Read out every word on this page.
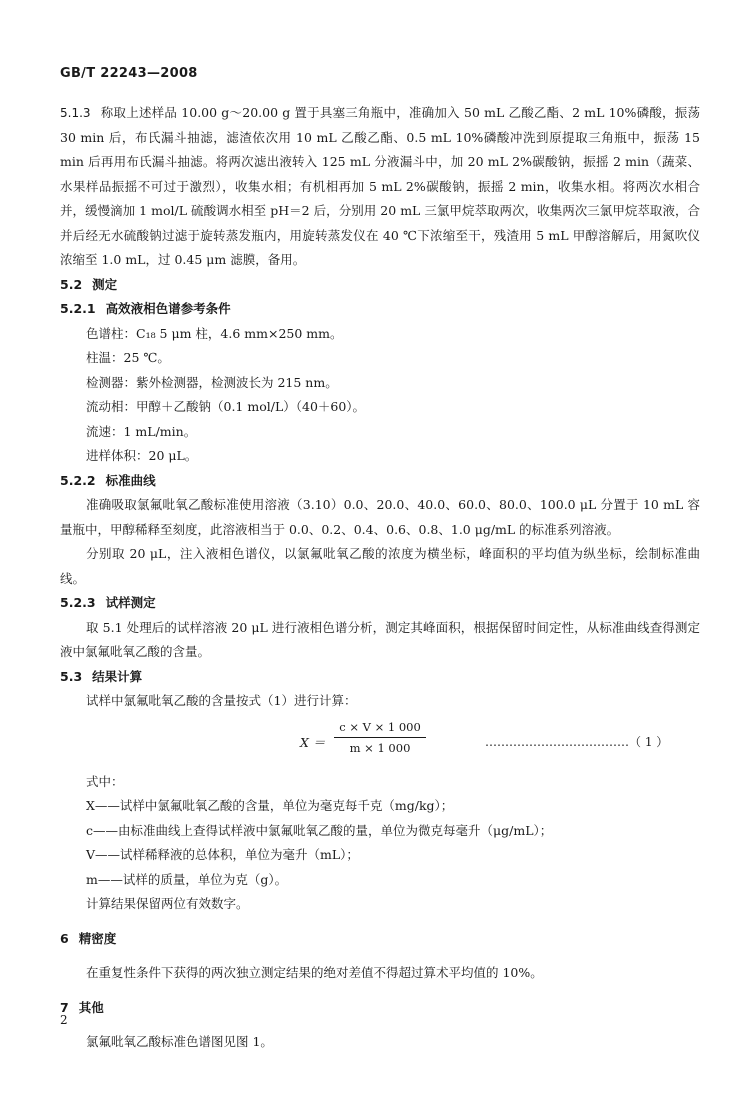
GB/T 22243—2008

5.1.3 称取上述样品 10.00 g～20.00 g 置于具塞三角瓶中，准确加入 50 mL 乙酸乙酯、2 mL 10%磷酸，振荡 30 min 后，布氏漏斗抽滤，滤渣依次用 10 mL 乙酸乙酯、0.5 mL 10%磷酸冲洗到原提取三角瓶中，振荡 15 min 后再用布氏漏斗抽滤。将两次滤出液转入 125 mL 分液漏斗中，加 20 mL 2%碳酸钠，振摇 2 min（蔬菜、水果样品振摇不可过于激烈），收集水相；有机相再加 5 mL 2%碳酸钠，振摇 2 min，收集水相。将两次水相合并，缓慢滴加 1 mol/L 硫酸调水相至 pH＝2 后，分别用 20 mL 三氯甲烷萃取两次，收集两次三氯甲烷萃取液，合并后经无水硫酸钠过滤于旋转蒸发瓶内，用旋转蒸发仪在 40 ℃下浓缩至干，残渣用 5 mL 甲醇溶解后，用氮吹仪浓缩至 1.0 mL，过 0.45 μm 滤膜，备用。

5.2 测定

5.2.1 高效液相色谱参考条件

色谱柱：C₁₈ 5 μm 柱，4.6 mm×250 mm。

柱温：25 ℃。

检测器：紫外检测器，检测波长为 215 nm。

流动相：甲醇＋乙酸钠（0.1 mol/L）（40＋60）。

流速：1 mL/min。

进样体积：20 μL。

5.2.2 标准曲线

准确吸取氯氟吡氧乙酸标准使用溶液（3.10）0.0、20.0、40.0、60.0、80.0、100.0 μL 分置于 10 mL 容量瓶中，甲醇稀释至刻度，此溶液相当于 0.0、0.2、0.4、0.6、0.8、1.0 μg/mL 的标准系列溶液。

分别取 20 μL，注入液相色谱仪，以氯氟吡氧乙酸的浓度为横坐标，峰面积的平均值为纵坐标，绘制标准曲线。

5.2.3 试样测定

取 5.1 处理后的试样溶液 20 μL 进行液相色谱分析，测定其峰面积，根据保留时间定性，从标准曲线查得测定液中氯氟吡氧乙酸的含量。

5.3 结果计算

试样中氯氟吡氧乙酸的含量按式（1）进行计算：

X ＝
c × V × 1 000
m × 1 000	………………………………（ 1 ）

式中：

X——试样中氯氟吡氧乙酸的含量，单位为毫克每千克（mg/kg）；

c——由标准曲线上查得试样液中氯氟吡氧乙酸的量，单位为微克每毫升（μg/mL）；

V——试样稀释液的总体积，单位为毫升（mL）；

m——试样的质量，单位为克（g）。

计算结果保留两位有效数字。

6 精密度

在重复性条件下获得的两次独立测定结果的绝对差值不得超过算术平均值的 10%。

7 其他

氯氟吡氧乙酸标准色谱图见图 1。

2
